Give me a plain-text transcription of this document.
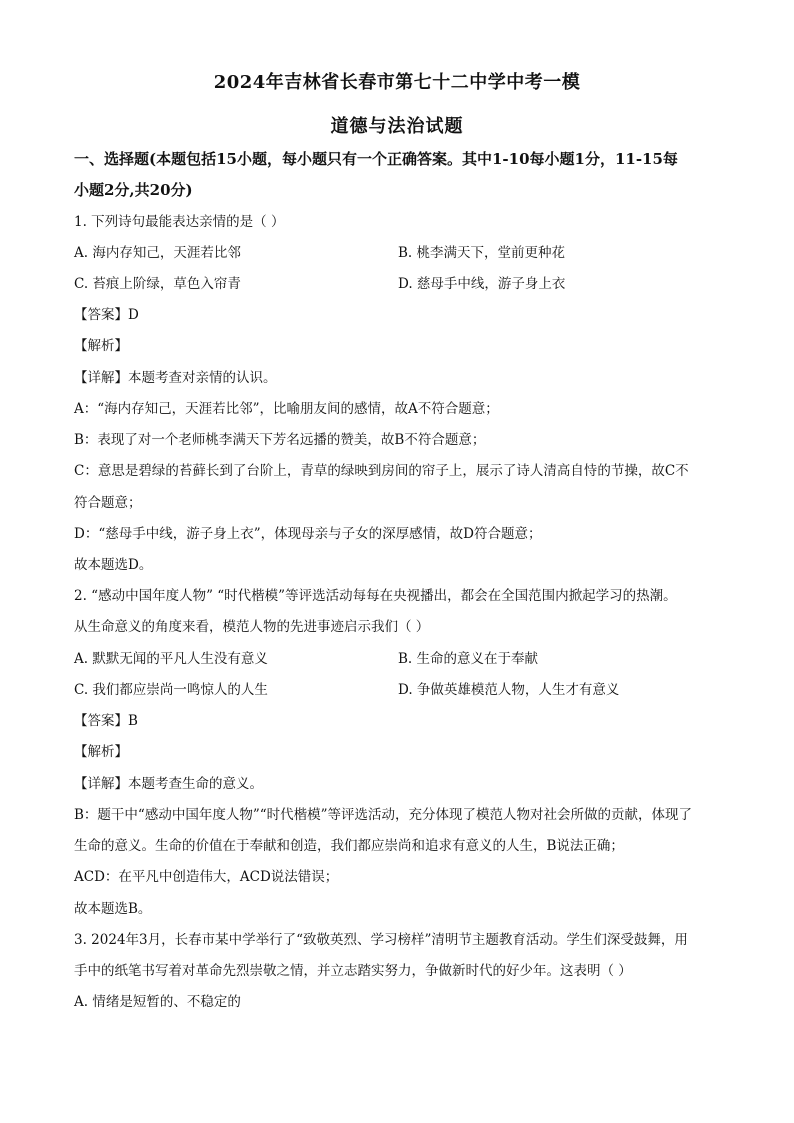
2024年吉林省长春市第七十二中学中考一模
道德与法治试题
一、选择题(本题包括15小题，每小题只有一个正确答案。其中1-10每小题1分，11-15每
小题2分,共20分)
1. 下列诗句最能表达亲情的是（ ）
A. 海内存知己，天涯若比邻	B. 桃李满天下，堂前更种花
C. 苔痕上阶绿，草色入帘青	D. 慈母手中线，游子身上衣
【答案】D
【解析】
【详解】本题考查对亲情的认识。
A：“海内存知己，天涯若比邻”，比喻朋友间的感情，故A不符合题意；
B：表现了对一个老师桃李满天下芳名远播的赞美，故B不符合题意；
C：意思是碧绿的苔藓长到了台阶上，青草的绿映到房间的帘子上，展示了诗人清高自恃的节操，故C不
符合题意；
D：“慈母手中线，游子身上衣”，体现母亲与子女的深厚感情，故D符合题意；
故本题选D。
2. “感动中国年度人物” “时代楷模”等评选活动每每在央视播出，都会在全国范围内掀起学习的热潮。
从生命意义的角度来看，模范人物的先进事迹启示我们（ ）
A. 默默无闻的平凡人生没有意义	B. 生命的意义在于奉献
C. 我们都应崇尚一鸣惊人的人生	D. 争做英雄模范人物，人生才有意义
【答案】B
【解析】
【详解】本题考查生命的意义。
B：题干中“感动中国年度人物”“时代楷模”等评选活动，充分体现了模范人物对社会所做的贡献，体现了
生命的意义。生命的价值在于奉献和创造，我们都应崇尚和追求有意义的人生，B说法正确；
ACD：在平凡中创造伟大，ACD说法错误；
故本题选B。
3. 2024年3月，长春市某中学举行了“致敬英烈、学习榜样”清明节主题教育活动。学生们深受鼓舞，用
手中的纸笔书写着对革命先烈崇敬之情，并立志踏实努力，争做新时代的好少年。这表明（ ）
A. 情绪是短暂的、不稳定的
